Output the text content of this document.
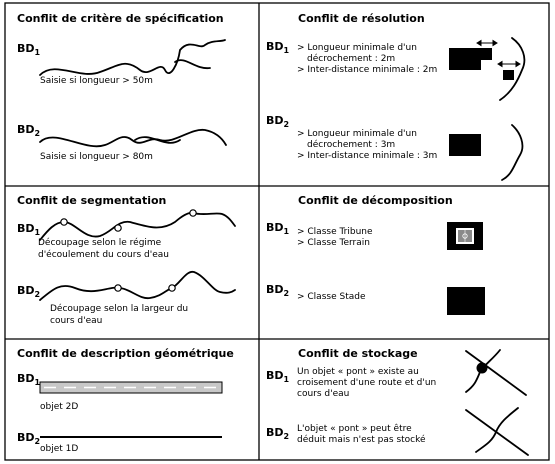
Conflit de critère de spécification
$BD_1$
Saisie si longueur > 50m
$BD_2$
Saisie si longueur > 80m
Conflit de résolution
$BD_1$ > Longueur minimale d'un
décrochement : 2m
> Inter-distance minimale : 2m
$BD_2$
> Longueur minimale d'un
décrochement : 3m
> Inter-distance minimale : 3m
Conflit de segmentation
$BD_1$
Découpage selon le régime
d'écoulement du cours d'eau
$BD_2$
Découpage selon la largeur du
cours d'eau
Conflit de décomposition
$BD_1$ > Classe Tribune
> Classe Terrain
$BD_2$ > Classe Stade
Conflit de description géométrique
$BD_1$
objet 2D
$BD_2$
objet 1D
Conflit de stockage
$BD_1$
Un objet « pont » existe au
croisement d'une route et d'un
cours d'eau
$BD_2$
L'objet « pont » peut être
déduit mais n'est pas stocké
